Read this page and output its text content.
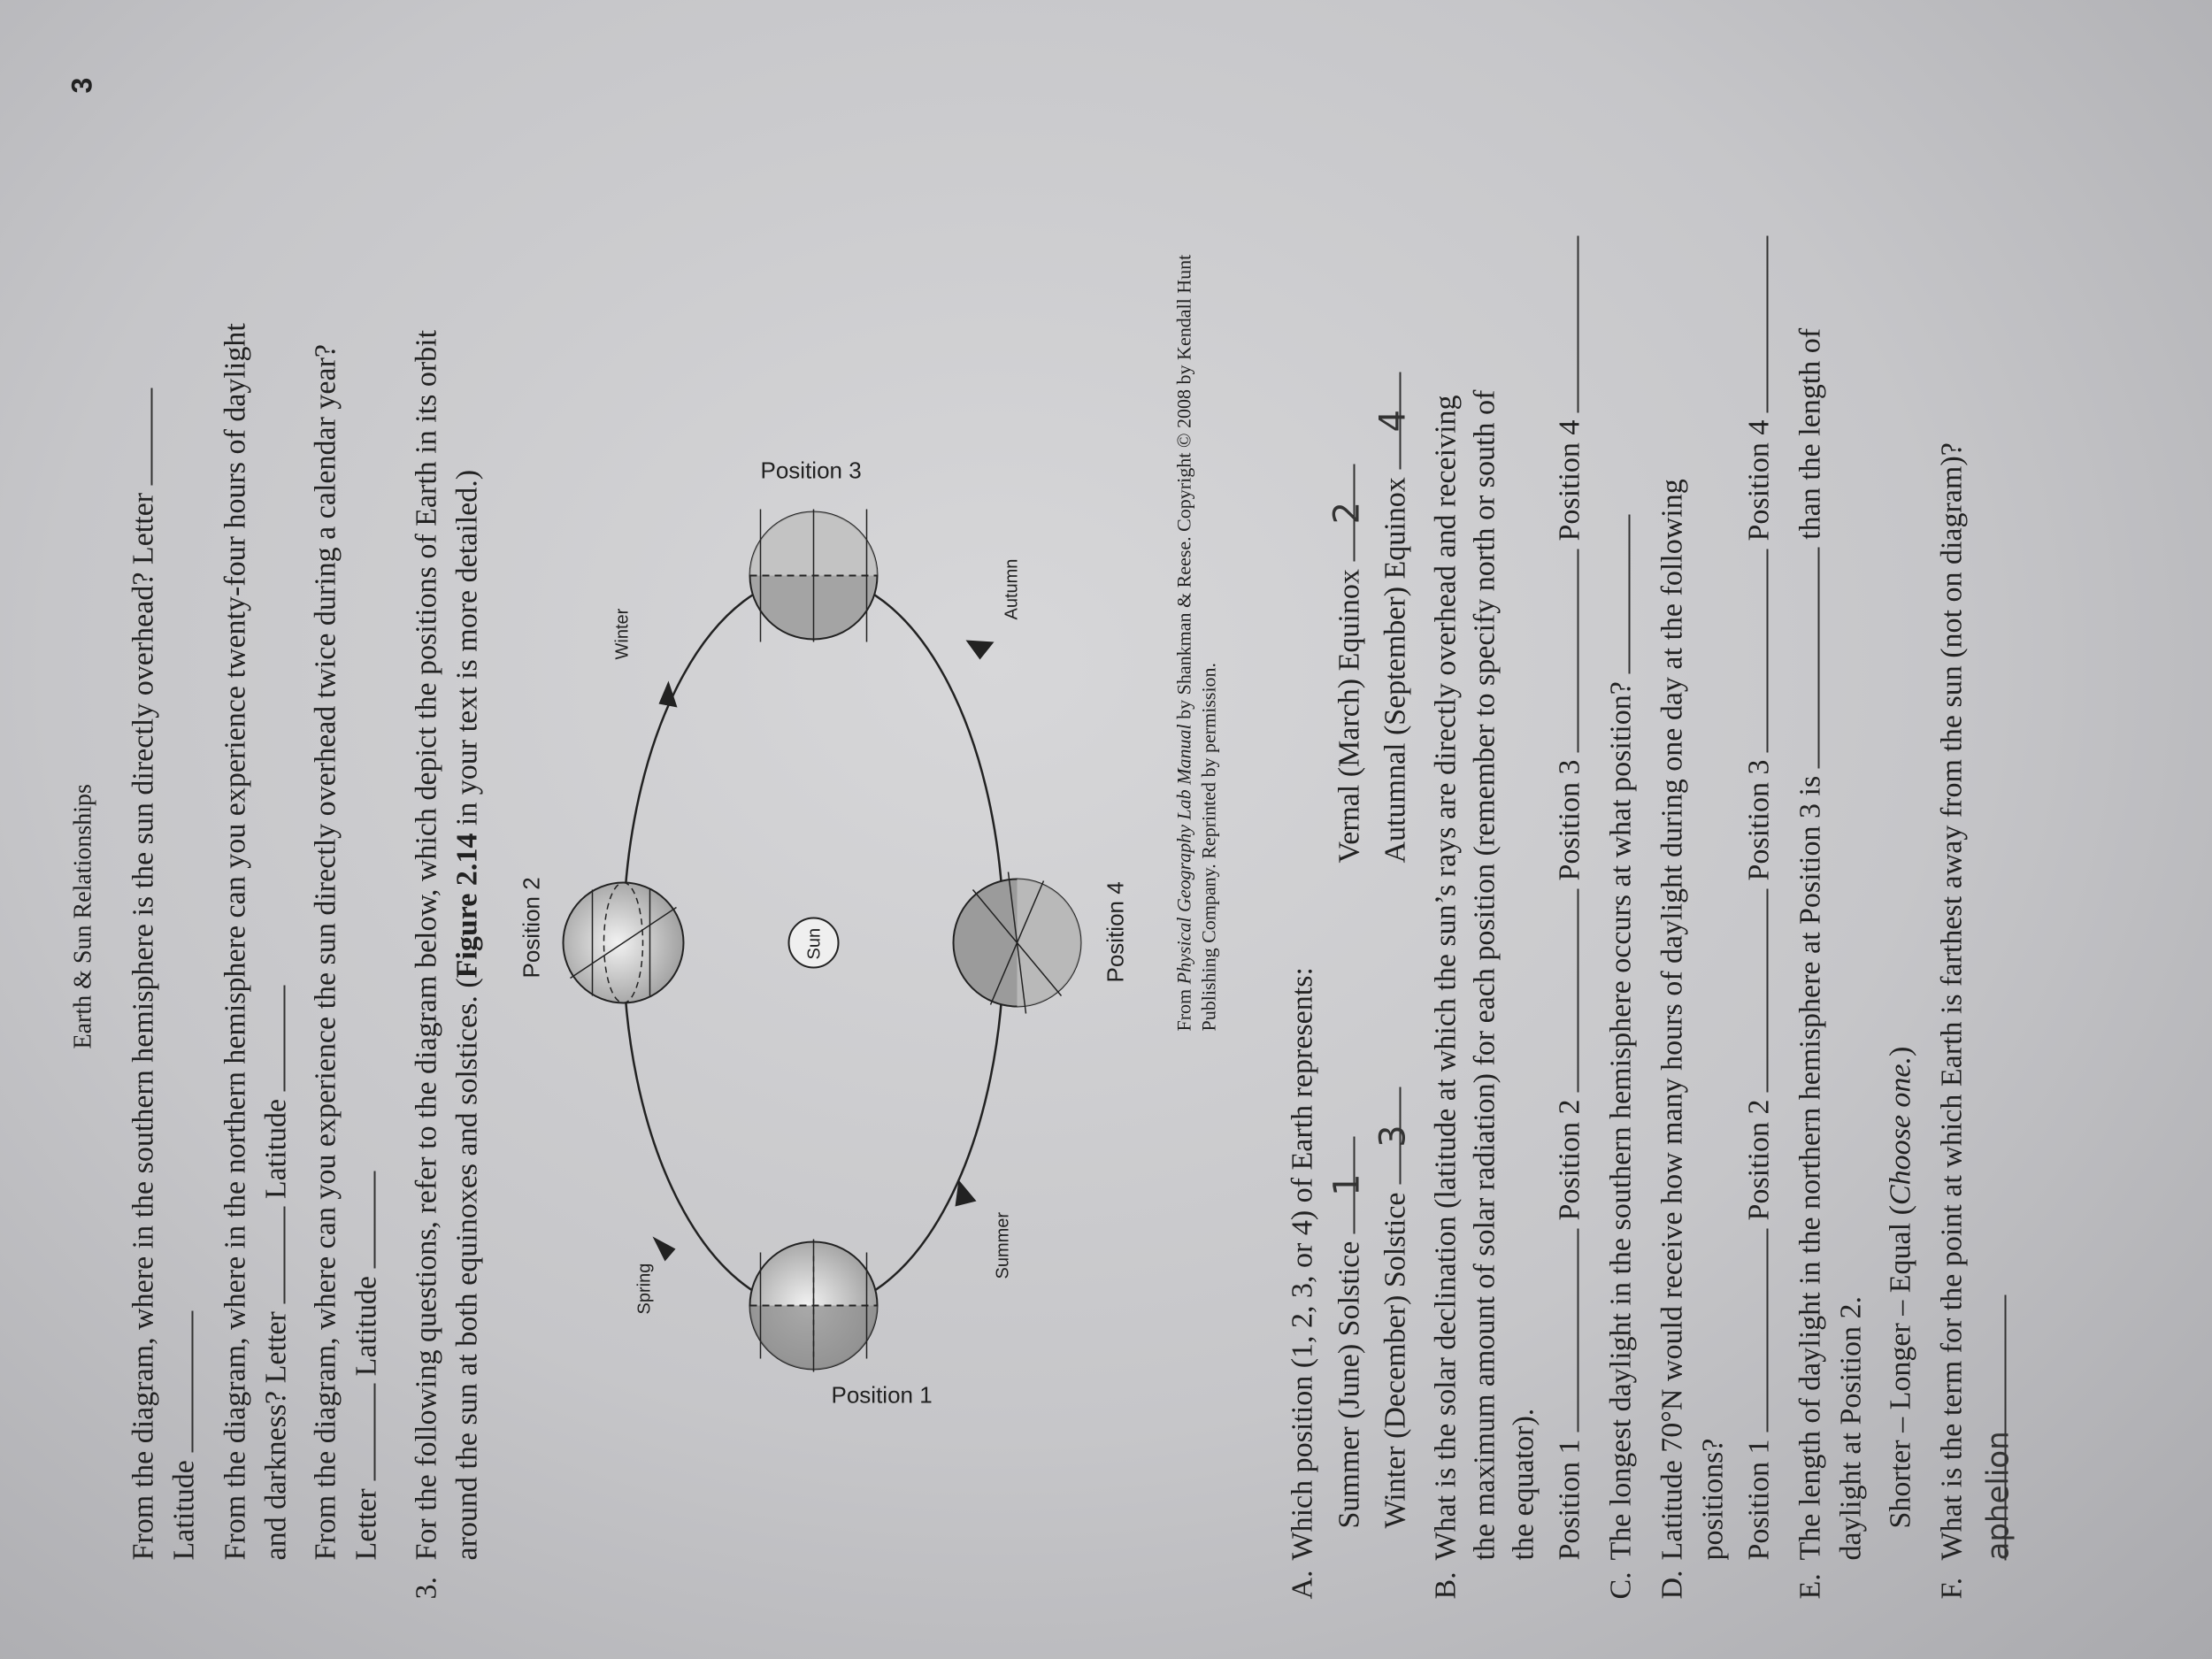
Earth & Sun Relationships
3
From the diagram, where in the southern hemisphere is the sun directly overhead? Letter Latitude From the diagram, where in the northern hemisphere can you experience twenty-four hours of daylight and darkness? Letter  Latitude From the diagram, where can you experience the sun directly overhead twice during a calendar year? Letter  Latitude
3.
For the following questions, refer to the diagram below, which depict the positions of Earth in its orbit around the sun at both equinoxes and solstices. (Figure 2.14 in your text is more detailed.)
Spring
Summer
Autumn
Winter
Position 1
Position 2	Sun	Position 4
Position 3
From Physical Geography Lab Manual by Shankman & Reese. Copyright © 2008 by Kendall Hunt
Publishing Company. Reprinted by permission.
A.
Which position (1, 2, 3, or 4) of Earth represents: Summer (June) Solstice 1
Vernal (March) Equinox 2
Winter (December) Solstice 3
Autumnal (September) Equinox 4
B.
What is the solar declination (latitude at which the sun’s rays are directly overhead and receiving the maximum amount of solar radiation) for each position (remember to specify north or south of the equator). Position 1  Position 2  Position 3  Position 4
C.
The longest daylight in the southern hemisphere occurs at what position?
D.
Latitude 70°N would receive how many hours of daylight during one day at the following positions? Position 1  Position 2  Position 3  Position 4
E.
The length of daylight in the northern hemisphere at Position 3 is  than the length of
daylight at Position 2. Shorter – Longer – Equal (Choose one.)
F.
What is the term for the point at which Earth is farthest away from the sun (not on diagram)? aphelion
